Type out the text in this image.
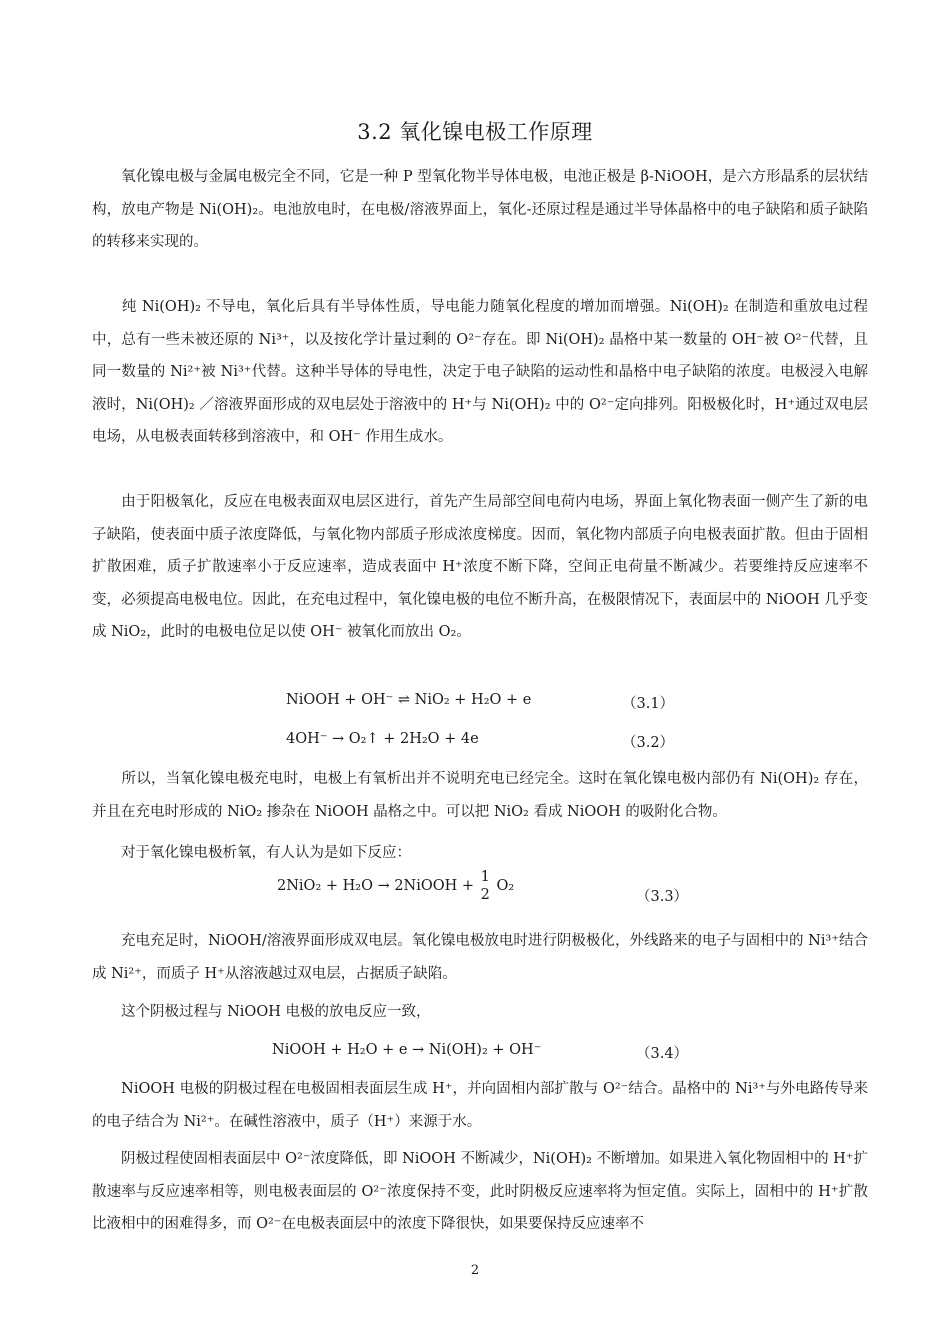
3.2 氧化镍电极工作原理

　　氧化镍电极与金属电极完全不同，它是一种 P 型氧化物半导体电极，电池正极是 β-NiOOH，是六方形晶系的层状结构，放电产物是 Ni(OH)₂。电池放电时，在电极/溶液界面上，氧化-还原过程是通过半导体晶格中的电子缺陷和质子缺陷的转移来实现的。

　　纯 Ni(OH)₂ 不导电，氧化后具有半导体性质，导电能力随氧化程度的增加而增强。Ni(OH)₂ 在制造和重放电过程中，总有一些未被还原的 Ni³⁺，以及按化学计量过剩的 O²⁻存在。即 Ni(OH)₂ 晶格中某一数量的 OH⁻被 O²⁻代替，且同一数量的 Ni²⁺被 Ni³⁺代替。这种半导体的导电性，决定于电子缺陷的运动性和晶格中电子缺陷的浓度。电极浸入电解液时，Ni(OH)₂ ／溶液界面形成的双电层处于溶液中的 H⁺与 Ni(OH)₂ 中的 O²⁻定向排列。阳极极化时，H⁺通过双电层电场，从电极表面转移到溶液中，和 OH⁻ 作用生成水。

　　由于阳极氧化，反应在电极表面双电层区进行，首先产生局部空间电荷内电场，界面上氧化物表面一侧产生了新的电子缺陷，使表面中质子浓度降低，与氧化物内部质子形成浓度梯度。因而，氧化物内部质子向电极表面扩散。但由于固相扩散困难，质子扩散速率小于反应速率，造成表面中 H⁺浓度不断下降，空间正电荷量不断减少。若要维持反应速率不变，必须提高电极电位。因此，在充电过程中，氧化镍电极的电位不断升高，在极限情况下，表面层中的 NiOOH 几乎变成 NiO₂，此时的电极电位足以使 OH⁻ 被氧化而放出 O₂。

NiOOH + OH⁻ ⇌ NiO₂ + H₂O + e	（3.1）
4OH⁻ → O₂↑ + 2H₂O + 4e	（3.2）

　　所以，当氧化镍电极充电时，电极上有氧析出并不说明充电已经完全。这时在氧化镍电极内部仍有 Ni(OH)₂ 存在，并且在充电时形成的 NiO₂ 掺杂在 NiOOH 晶格之中。可以把 NiO₂ 看成 NiOOH 的吸附化合物。

　　对于氧化镍电极析氧，有人认为是如下反应：

2NiO₂ + H₂O → 2NiOOH +
1
2
O₂
（3.3）

　　充电充足时，NiOOH/溶液界面形成双电层。氧化镍电极放电时进行阴极极化，外线路来的电子与固相中的 Ni³⁺结合成 Ni²⁺，而质子 H⁺从溶液越过双电层，占据质子缺陷。

　　这个阴极过程与 NiOOH 电极的放电反应一致，

NiOOH + H₂O + e → Ni(OH)₂ + OH⁻	（3.4）

　　NiOOH 电极的阴极过程在电极固相表面层生成 H⁺，并向固相内部扩散与 O²⁻结合。晶格中的 Ni³⁺与外电路传导来的电子结合为 Ni²⁺。在碱性溶液中，质子（H⁺）来源于水。

　　阴极过程使固相表面层中 O²⁻浓度降低，即 NiOOH 不断减少，Ni(OH)₂ 不断增加。如果进入氧化物固相中的 H⁺扩散速率与反应速率相等，则电极表面层的 O²⁻浓度保持不变，此时阴极反应速率将为恒定值。实际上，固相中的 H⁺扩散比液相中的困难得多，而 O²⁻在电极表面层中的浓度下降很快，如果要保持反应速率不

2
